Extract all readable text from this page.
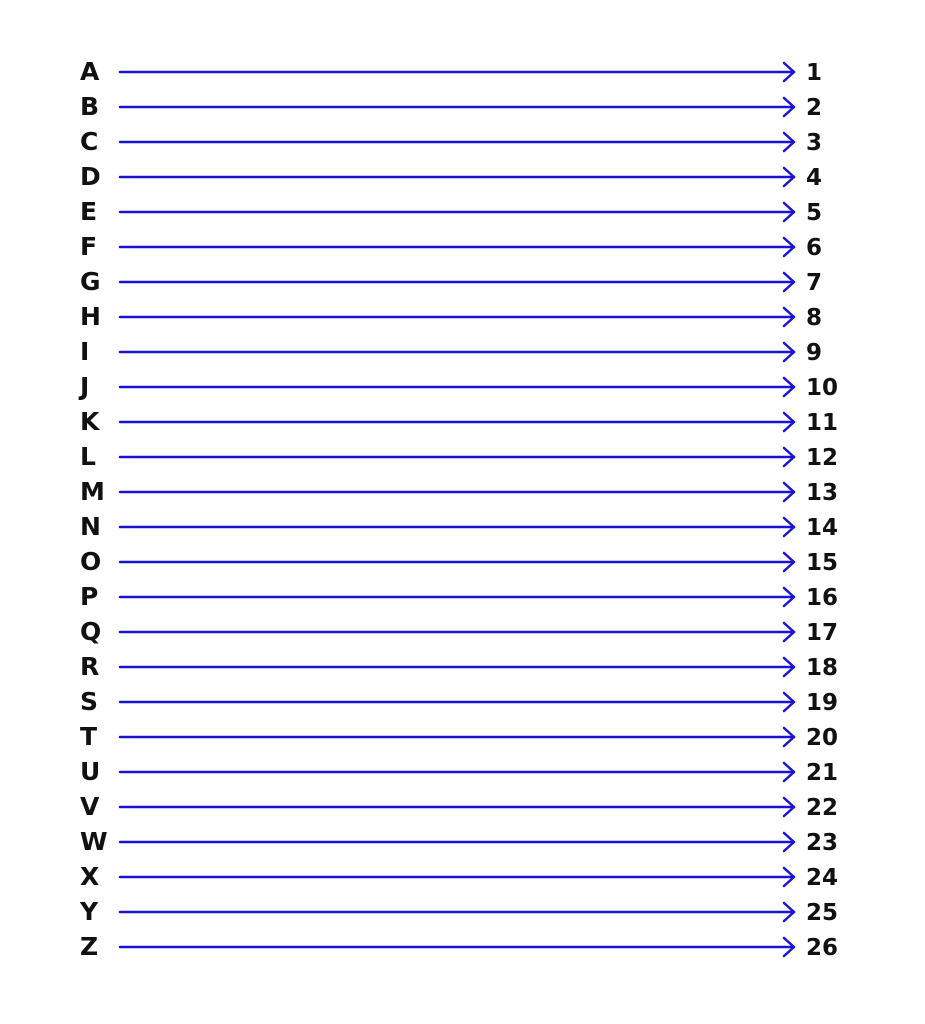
A	1
B	2
C	3
D	4
E	5
F	6
G	7
H	8
I	9
J	10
K	11
L	12
M	13
N	14
O	15
P	16
Q	17
R	18
S	19
T	20
U	21
V	22
W	23
X	24
Y	25
Z	26
